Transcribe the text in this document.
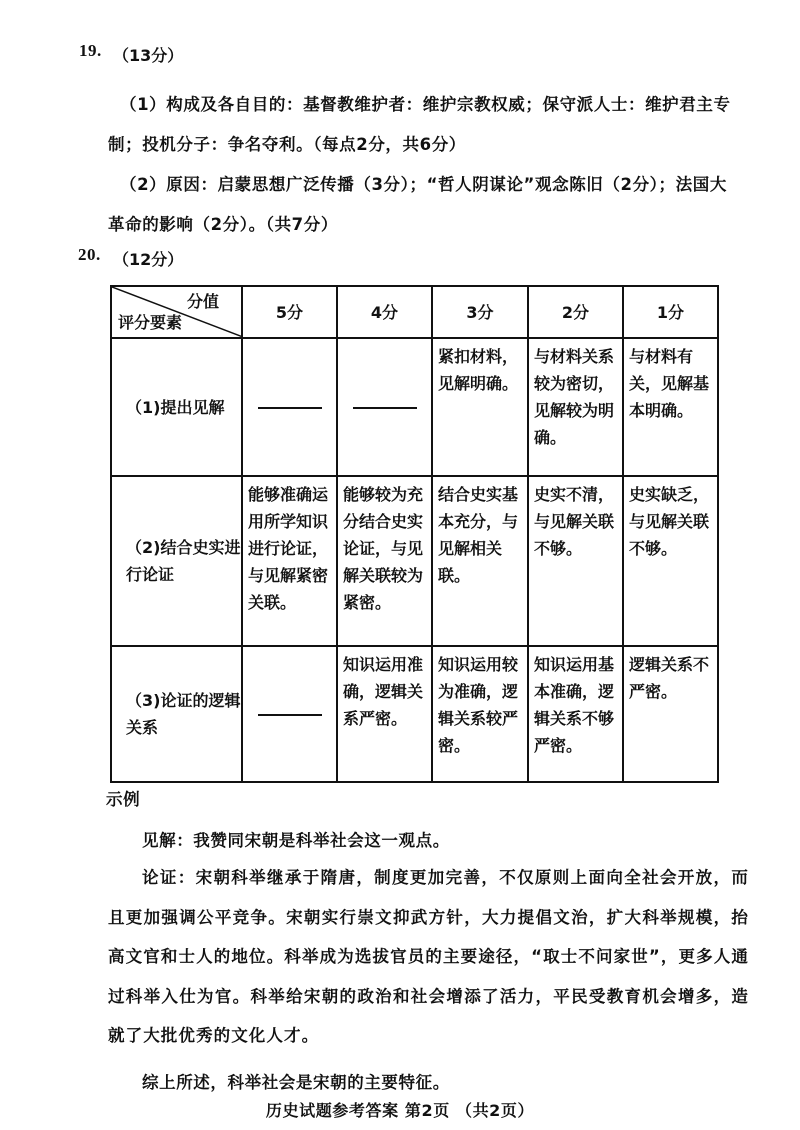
19. （13分）
（1）构成及各自目的：基督教维护者：维护宗教权威；保守派人士：维护君主专
制；投机分子：争名夺利。（每点2分，共6分）
（2）原因：启蒙思想广泛传播（3分）；“哲人阴谋论”观念陈旧（2分）；法国大
革命的影响（2分）。（共7分）
20. （12分）
分值
评分要素	5分	4分	3分	2分	1分
（1)提出见解			紧扣材料，见解明确。	与材料关系较为密切，见解较为明确。	与材料有关，见解基本明确。
（2)结合史实进行论证	能够准确运用所学知识进行论证，与见解紧密关联。	能够较为充分结合史实论证，与见解关联较为紧密。	结合史实基本充分，与见解相关联。	史实不清，与见解关联不够。	史实缺乏，与见解关联不够。
（3)论证的逻辑关系		知识运用准确，逻辑关系严密。	知识运用较为准确，逻辑关系较严密。	知识运用基本准确，逻辑关系不够严密。	逻辑关系不严密。
示例
见解：我赞同宋朝是科举社会这一观点。
论证：宋朝科举继承于隋唐，制度更加完善，不仅原则上面向全社会开放，而且更加强调公平竞争。宋朝实行崇文抑武方针，大力提倡文治，扩大科举规模，抬高文官和士人的地位。科举成为选拔官员的主要途径，“取士不问家世”，更多人通过科举入仕为官。科举给宋朝的政治和社会增添了活力，平民受教育机会增多，造就了大批优秀的文化人才。
综上所述，科举社会是宋朝的主要特征。
历史试题参考答案 第2页 （共2页）
